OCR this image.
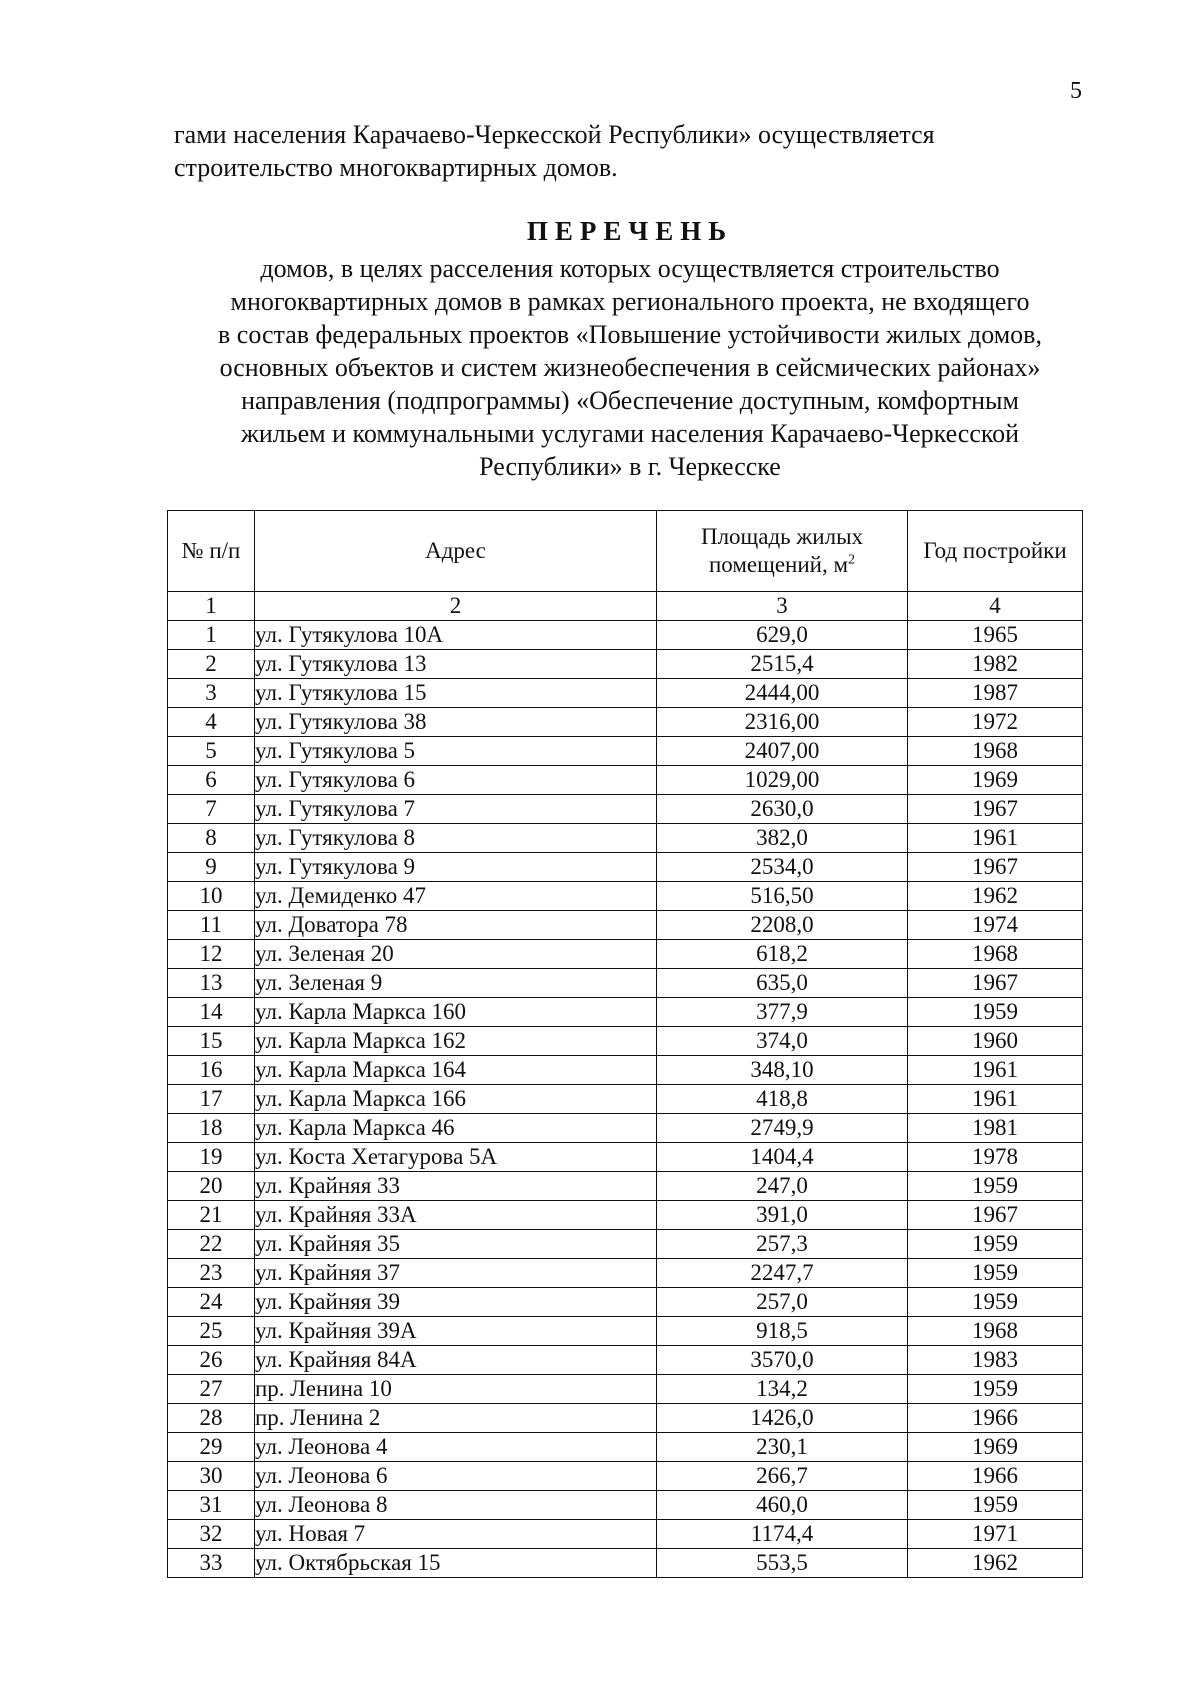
5

гами населения Карачаево-Черкесской Республики» осуществляется строительство многоквартирных домов.

ПЕРЕЧЕНЬ

домов, в целях расселения которых осуществляется строительство
многоквартирных домов в рамках регионального проекта, не входящего
в состав федеральных проектов «Повышение устойчивости жилых домов,
основных объектов и систем жизнеобеспечения в сейсмических районах»
направления (подпрограммы) «Обеспечение доступным, комфортным
жильем и коммунальными услугами населения Карачаево-Черкесской
Республики» в г. Черкесске

№ п/п	Адрес	Площадь жилых помещений, $м^2$	Год постройки
1	2	3	4
1	ул. Гутякулова 10А	629,0	1965
2	ул. Гутякулова 13	2515,4	1982
3	ул. Гутякулова 15	2444,00	1987
4	ул. Гутякулова 38	2316,00	1972
5	ул. Гутякулова 5	2407,00	1968
6	ул. Гутякулова 6	1029,00	1969
7	ул. Гутякулова 7	2630,0	1967
8	ул. Гутякулова 8	382,0	1961
9	ул. Гутякулова 9	2534,0	1967
10	ул. Демиденко 47	516,50	1962
11	ул. Доватора 78	2208,0	1974
12	ул. Зеленая 20	618,2	1968
13	ул. Зеленая 9	635,0	1967
14	ул. Карла Маркса 160	377,9	1959
15	ул. Карла Маркса 162	374,0	1960
16	ул. Карла Маркса 164	348,10	1961
17	ул. Карла Маркса 166	418,8	1961
18	ул. Карла Маркса 46	2749,9	1981
19	ул. Коста Хетагурова 5А	1404,4	1978
20	ул. Крайняя 33	247,0	1959
21	ул. Крайняя 33А	391,0	1967
22	ул. Крайняя 35	257,3	1959
23	ул. Крайняя 37	2247,7	1959
24	ул. Крайняя 39	257,0	1959
25	ул. Крайняя 39А	918,5	1968
26	ул. Крайняя 84А	3570,0	1983
27	пр. Ленина 10	134,2	1959
28	пр. Ленина 2	1426,0	1966
29	ул. Леонова 4	230,1	1969
30	ул. Леонова 6	266,7	1966
31	ул. Леонова 8	460,0	1959
32	ул. Новая 7	1174,4	1971
33	ул. Октябрьская 15	553,5	1962
